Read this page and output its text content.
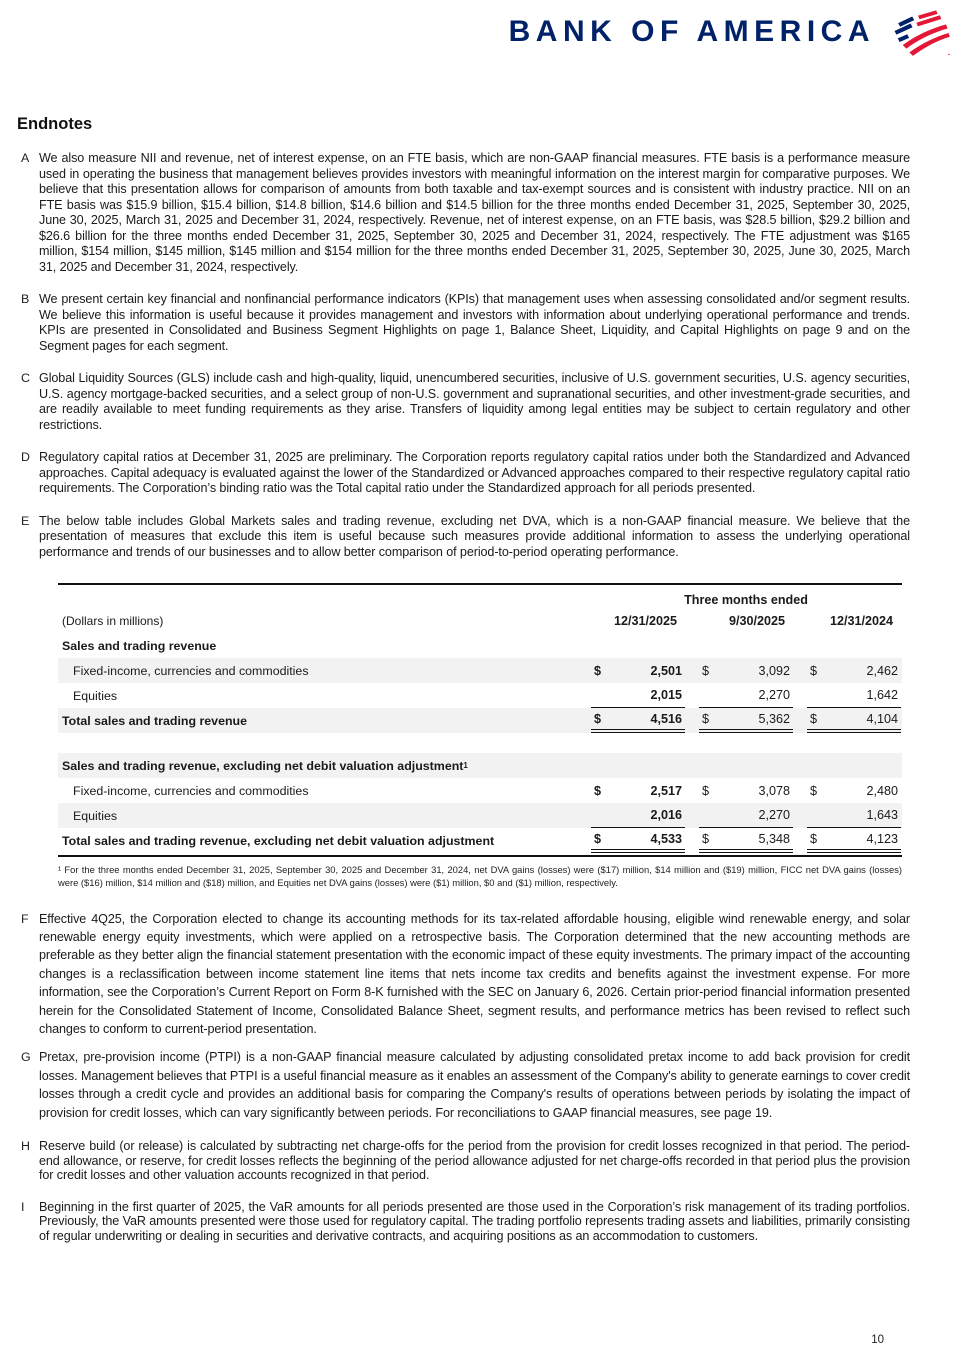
BANK OF AMERICA
Endnotes
A We also measure NII and revenue, net of interest expense, on an FTE basis, which are non-GAAP financial measures. FTE basis is a performance measure used in operating the business that management believes provides investors with meaningful information on the interest margin for comparative purposes. We believe that this presentation allows for comparison of amounts from both taxable and tax-exempt sources and is consistent with industry practice. NII on an FTE basis was $15.9 billion, $15.4 billion, $14.8 billion, $14.6 billion and $14.5 billion for the three months ended December 31, 2025, September 30, 2025, June 30, 2025, March 31, 2025 and December 31, 2024, respectively. Revenue, net of interest expense, on an FTE basis, was $28.5 billion, $29.2 billion and $26.6 billion for the three months ended December 31, 2025, September 30, 2025 and December 31, 2024, respectively. The FTE adjustment was $165 million, $154 million, $145 million, $145 million and $154 million for the three months ended December 31, 2025, September 30, 2025, June 30, 2025, March 31, 2025 and December 31, 2024, respectively.

B We present certain key financial and nonfinancial performance indicators (KPIs) that management uses when assessing consolidated and/or segment results. We believe this information is useful because it provides management and investors with information about underlying operational performance and trends. KPIs are presented in Consolidated and Business Segment Highlights on page 1, Balance Sheet, Liquidity, and Capital Highlights on page 9 and on the Segment pages for each segment.

C Global Liquidity Sources (GLS) include cash and high-quality, liquid, unencumbered securities, inclusive of U.S. government securities, U.S. agency securities, U.S. agency mortgage-backed securities, and a select group of non-U.S. government and supranational securities, and other investment-grade securities, and are readily available to meet funding requirements as they arise. Transfers of liquidity among legal entities may be subject to certain regulatory and other restrictions.

D Regulatory capital ratios at December 31, 2025 are preliminary. The Corporation reports regulatory capital ratios under both the Standardized and Advanced approaches. Capital adequacy is evaluated against the lower of the Standardized or Advanced approaches compared to their respective regulatory capital ratio requirements. The Corporation’s binding ratio was the Total capital ratio under the Standardized approach for all periods presented.

E The below table includes Global Markets sales and trading revenue, excluding net DVA, which is a non-GAAP financial measure. We believe that the presentation of measures that exclude this item is useful because such measures provide additional information to assess the underlying operational performance and trends of our businesses and to allow better comparison of period-to-period operating performance.

Three months ended
(Dollars in millions)	12/31/2025	9/30/2025	12/31/2024
Sales and trading revenue
Fixed-income, currencies and commodities	$	2,501 $	3,092 $	2,462
Equities	2,015	2,270	1,642
Total sales and trading revenue	$	4,516 $	5,362 $	4,104
Sales and trading revenue, excluding net debit valuation adjustment 1
Fixed-income, currencies and commodities	$	2,517 $	3,078 $	2,480
Equities	2,016	2,270	1,643
Total sales and trading revenue, excluding net debit valuation adjustment	$	4,533 $	5,348 $	4,123

¹ For the three months ended December 31, 2025, September 30, 2025 and December 31, 2024, net DVA gains (losses) were ($17) million, $14 million and ($19) million, FICC net DVA gains (losses) were ($16) million, $14 million and ($18) million, and Equities net DVA gains (losses) were ($1) million, $0 and ($1) million, respectively.

F Effective 4Q25, the Corporation elected to change its accounting methods for its tax-related affordable housing, eligible wind renewable energy, and solar renewable energy equity investments, which were applied on a retrospective basis. The Corporation determined that the new accounting methods are preferable as they better align the financial statement presentation with the economic impact of these equity investments. The primary impact of the accounting changes is a reclassification between income statement line items that nets income tax credits and benefits against the investment expense. For more information, see the Corporation’s Current Report on Form 8-K furnished with the SEC on January 6, 2026. Certain prior-period financial information presented herein for the Consolidated Statement of Income, Consolidated Balance Sheet, segment results, and performance metrics has been revised to reflect such changes to conform to current-period presentation.

G Pretax, pre-provision income (PTPI) is a non-GAAP financial measure calculated by adjusting consolidated pretax income to add back provision for credit losses. Management believes that PTPI is a useful financial measure as it enables an assessment of the Company's ability to generate earnings to cover credit losses through a credit cycle and provides an additional basis for comparing the Company's results of operations between periods by isolating the impact of provision for credit losses, which can vary significantly between periods. For reconciliations to GAAP financial measures, see page 19.

H Reserve build (or release) is calculated by subtracting net charge-offs for the period from the provision for credit losses recognized in that period. The period-end allowance, or reserve, for credit losses reflects the beginning of the period allowance adjusted for net charge-offs recorded in that period plus the provision for credit losses and other valuation accounts recognized in that period.

I	Beginning in the first quarter of 2025, the VaR amounts for all periods presented are those used in the Corporation’s risk management of its trading portfolios. Previously, the VaR amounts presented were those used for regulatory capital. The trading portfolio represents trading assets and liabilities, primarily consisting of regular underwriting or dealing in securities and derivative contracts, and acquiring positions as an accommodation to customers.

10
